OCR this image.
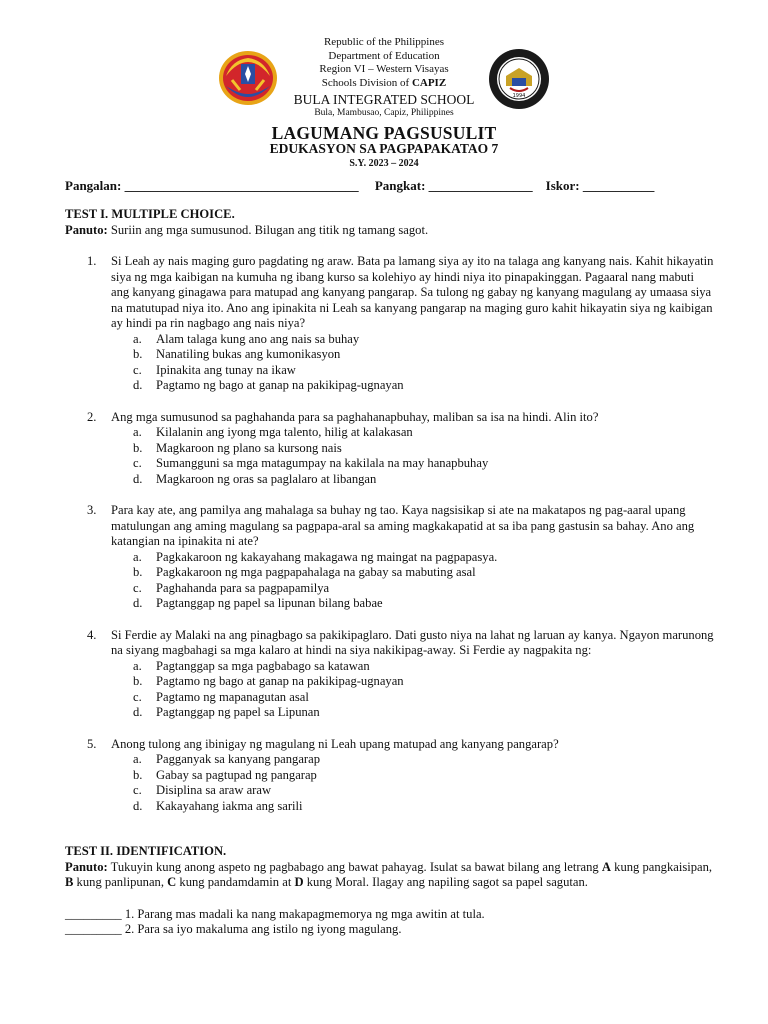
1994
Republic of the Philippines
Department of Education
Region VI – Western Visayas
Schools Division of CAPIZ
BULA INTEGRATED SCHOOL
Bula, Mambusao, Capiz, Philippines
LAGUMANG PAGSUSULIT
EDUKASYON SA PAGPAPAKATAO 7
S.Y. 2023 – 2024
Pangalan: ____________________________________     Pangkat: ________________    Iskor: ___________
TEST I. MULTIPLE CHOICE.
Panuto: Suriin ang mga sumusunod. Bilugan ang titik ng tamang sagot.
1. Si Leah ay nais maging guro pagdating ng araw. Bata pa lamang siya ay ito na talaga ang kanyang nais. Kahit hikayatin siya ng mga kaibigan na kumuha ng ibang kurso sa kolehiyo ay hindi niya ito pinapakinggan. Pagaaral nang mabuti ang kanyang ginagawa para matupad ang kanyang pangarap. Sa tulong ng gabay ng kanyang magulang ay umaasa siya na matutupad niya ito. Ano ang ipinakita ni Leah sa kanyang pangarap na maging guro kahit hikayatin siya ng kaibigan ay hindi pa rin nagbago ang nais niya?
a. Alam talaga kung ano ang nais sa buhay
b. Nanatiling bukas ang kumonikasyon
c. Ipinakita ang tunay na ikaw
d. Pagtamo ng bago at ganap na pakikipag-ugnayan
2. Ang mga sumusunod sa paghahanda para sa paghahanapbuhay, maliban sa isa na hindi. Alin ito?
a. Kilalanin ang iyong mga talento, hilig at kalakasan
b. Magkaroon ng plano sa kursong nais
c. Sumangguni sa mga matagumpay na kakilala na may hanapbuhay
d. Magkaroon ng oras sa paglalaro at libangan
3. Para kay ate, ang pamilya ang mahalaga sa buhay ng tao. Kaya nagsisikap si ate na makatapos ng pag-aaral upang matulungan ang aming magulang sa pagpapa-aral sa aming magkakapatid at sa iba pang gastusin sa bahay. Ano ang katangian na ipinakita ni ate?
a. Pagkakaroon ng kakayahang makagawa ng maingat na pagpapasya.
b. Pagkakaroon ng mga pagpapahalaga na gabay sa mabuting asal
c. Paghahanda para sa pagpapamilya
d. Pagtanggap ng papel sa lipunan bilang babae
4. Si Ferdie ay Malaki na ang pinagbago sa pakikipaglaro. Dati gusto niya na lahat ng laruan ay kanya. Ngayon marunong na siyang magbahagi sa mga kalaro at hindi na siya nakikipag-away. Si Ferdie ay nagpakita ng:
a. Pagtanggap sa mga pagbabago sa katawan
b. Pagtamo ng bago at ganap na pakikipag-ugnayan
c. Pagtamo ng mapanagutan asal
d. Pagtanggap ng papel sa Lipunan
5. Anong tulong ang ibinigay ng magulang ni Leah upang matupad ang kanyang pangarap?
a. Pagganyak sa kanyang pangarap
b. Gabay sa pagtupad ng pangarap
c. Disiplina sa araw araw
d. Kakayahang iakma ang sarili
TEST II. IDENTIFICATION.
Panuto: Tukuyin kung anong aspeto ng pagbabago ang bawat pahayag. Isulat sa bawat bilang ang letrang A kung pangkaisipan, B kung panlipunan, C kung pandamdamin at D kung Moral. Ilagay ang napiling sagot sa papel sagutan.
_________ 1. Parang mas madali ka nang makapagmemorya ng mga awitin at tula.
_________ 2. Para sa iyo makaluma ang istilo ng iyong magulang.
